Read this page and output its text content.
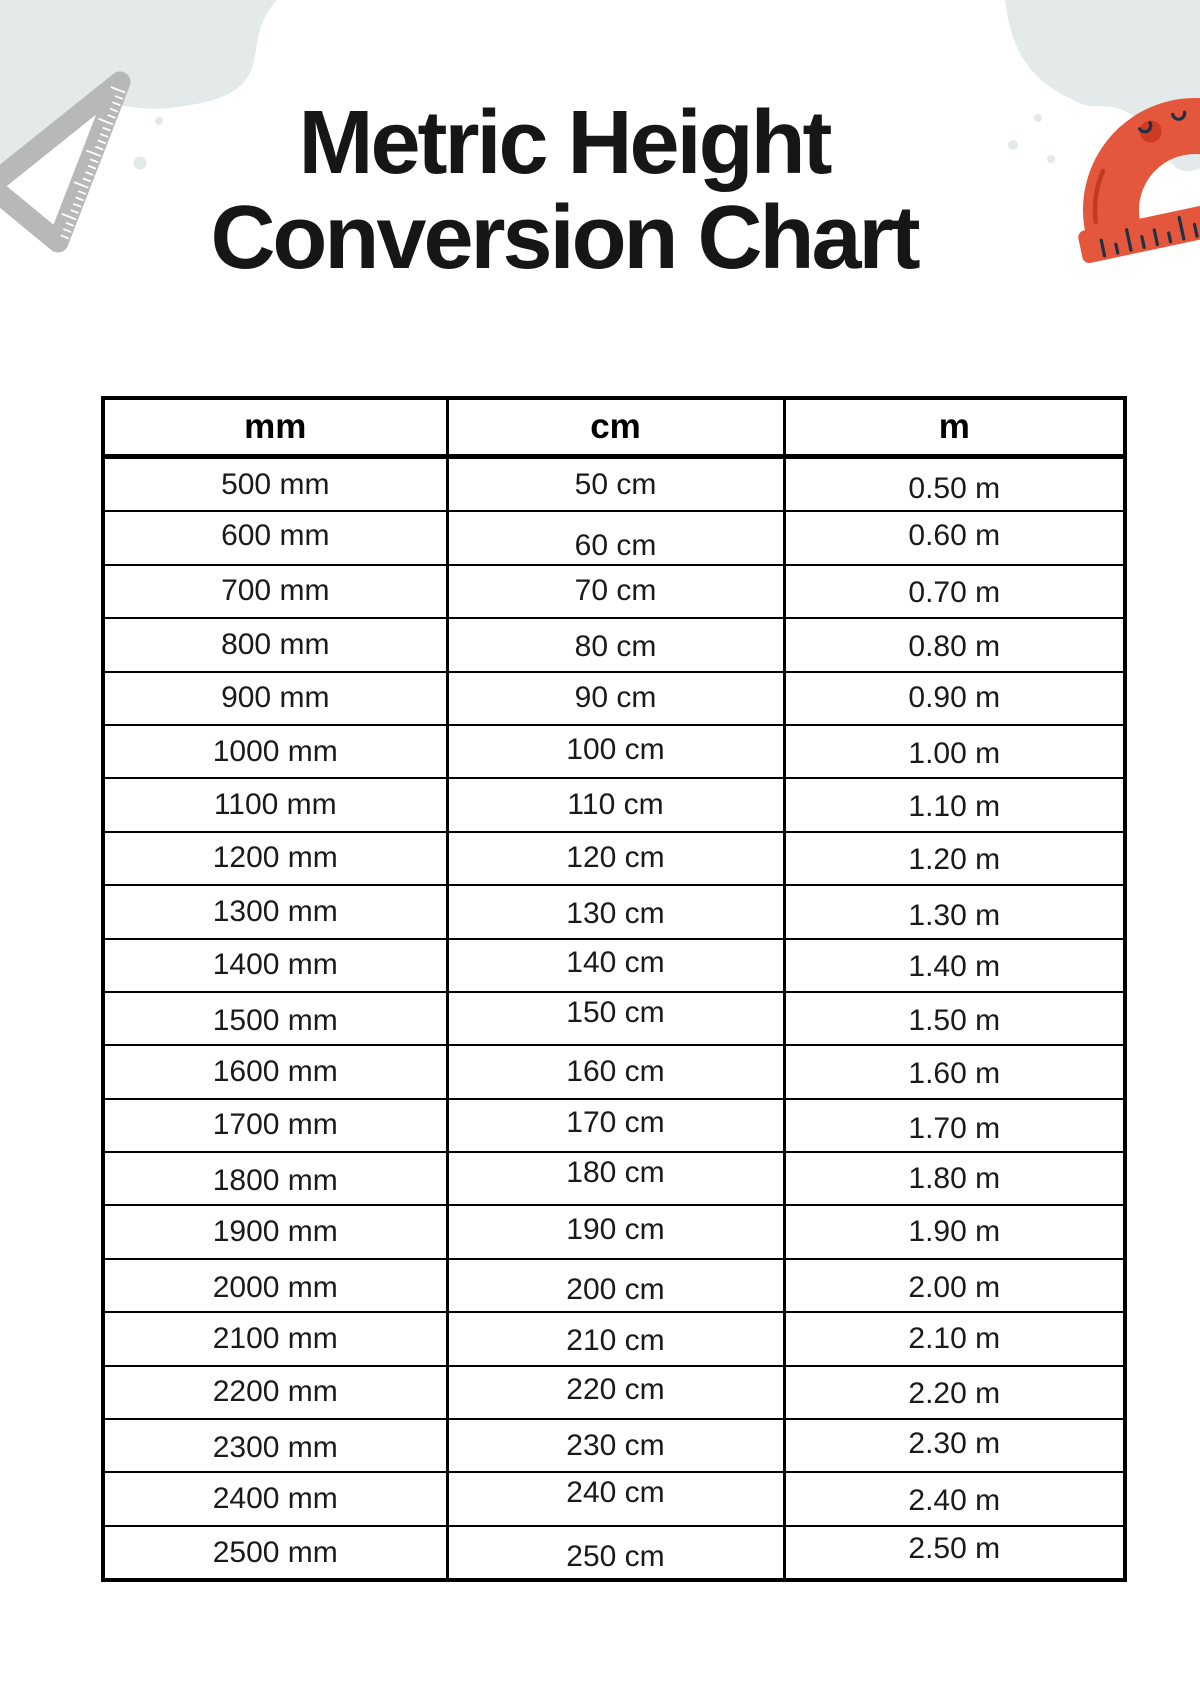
Metric Height
Conversion Chart
mm	cm	m
500 mm	50 cm	0.50 m
600 mm	60 cm	0.60 m
700 mm	70 cm	0.70 m
800 mm	80 cm	0.80 m
900 mm	90 cm	0.90 m
1000 mm	100 cm	1.00 m
1100 mm	110 cm	1.10 m
1200 mm	120 cm	1.20 m
1300 mm	130 cm	1.30 m
1400 mm	140 cm	1.40 m
1500 mm	150 cm	1.50 m
1600 mm	160 cm	1.60 m
1700 mm	170 cm	1.70 m
1800 mm	180 cm	1.80 m
1900 mm	190 cm	1.90 m
2000 mm	200 cm	2.00 m
2100 mm	210 cm	2.10 m
2200 mm	220 cm	2.20 m
2300 mm	230 cm	2.30 m
2400 mm	240 cm	2.40 m
2500 mm	250 cm	2.50 m
